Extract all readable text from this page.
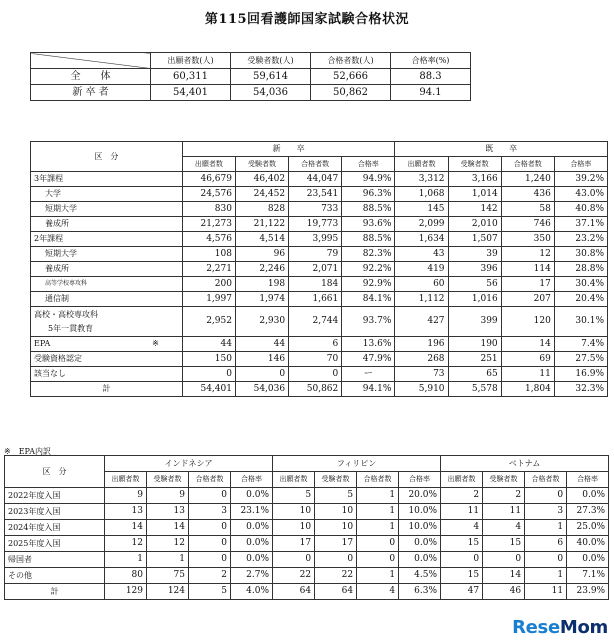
第115回看護師国家試験合格状況
	出願者数(人)	受験者数(人)	合格者数(人)	合格率(%)
全　　体	60,311	59,614	52,666	88.3
新 卒 者	54,401	54,036	50,862	94.1
区　分	新　　卒				既　　卒			
	出願者数	受験者数	合格者数	合格率	出願者数	受験者数	合格者数	合格率
3年課程	46,679	46,402	44,047	94.9%	3,312	3,166	1,240	39.2%
大学	24,576	24,452	23,541	96.3%	1,068	1,014	436	43.0%
短期大学	830	828	733	88.5%	145	142	58	40.8%
養成所	21,273	21,122	19,773	93.6%	2,099	2,010	746	37.1%
2年課程	4,576	4,514	3,995	88.5%	1,634	1,507	350	23.2%
短期大学	108	96	79	82.3%	43	39	12	30.8%
養成所	2,271	2,246	2,071	92.2%	419	396	114	28.8%
高等学校専攻科	200	198	184	92.9%	60	56	17	30.4%
通信制	1,997	1,974	1,661	84.1%	1,112	1,016	207	20.4%

高校・高校専攻科
5年一貫教育	2,952	2,930	2,744	93.7%	427	399	120	30.1%
EPA ※	44	44	6	13.6%	196	190	14	7.4%
受験資格認定	150	146	70	47.9%	268	251	69	27.5%
該当なし	0	0	0	ー	73	65	11	16.9%
計	54,401	54,036	50,862	94.1%	5,910	5,578	1,804	32.3%
※　EPA内訳
区　分	インドネシア				フィリピン				ベトナム			
	出願者数	受験者数	合格者数	合格率	出願者数	受験者数	合格者数	合格率	出願者数	受験者数	合格者数	合格率
2022年度入国	9	9	0	0.0%	5	5	1	20.0%	2	2	0	0.0%
2023年度入国	13	13	3	23.1%	10	10	1	10.0%	11	11	3	27.3%
2024年度入国	14	14	0	0.0%	10	10	1	10.0%	4	4	1	25.0%
2025年度入国	12	12	0	0.0%	17	17	0	0.0%	15	15	6	40.0%
帰国者	1	1	0	0.0%	0	0	0	0.0%	0	0	0	0.0%
その他	80	75	2	2.7%	22	22	1	4.5%	15	14	1	7.1%
計	129	124	5	4.0%	64	64	4	6.3%	47	46	11	23.9%
ReseMom
